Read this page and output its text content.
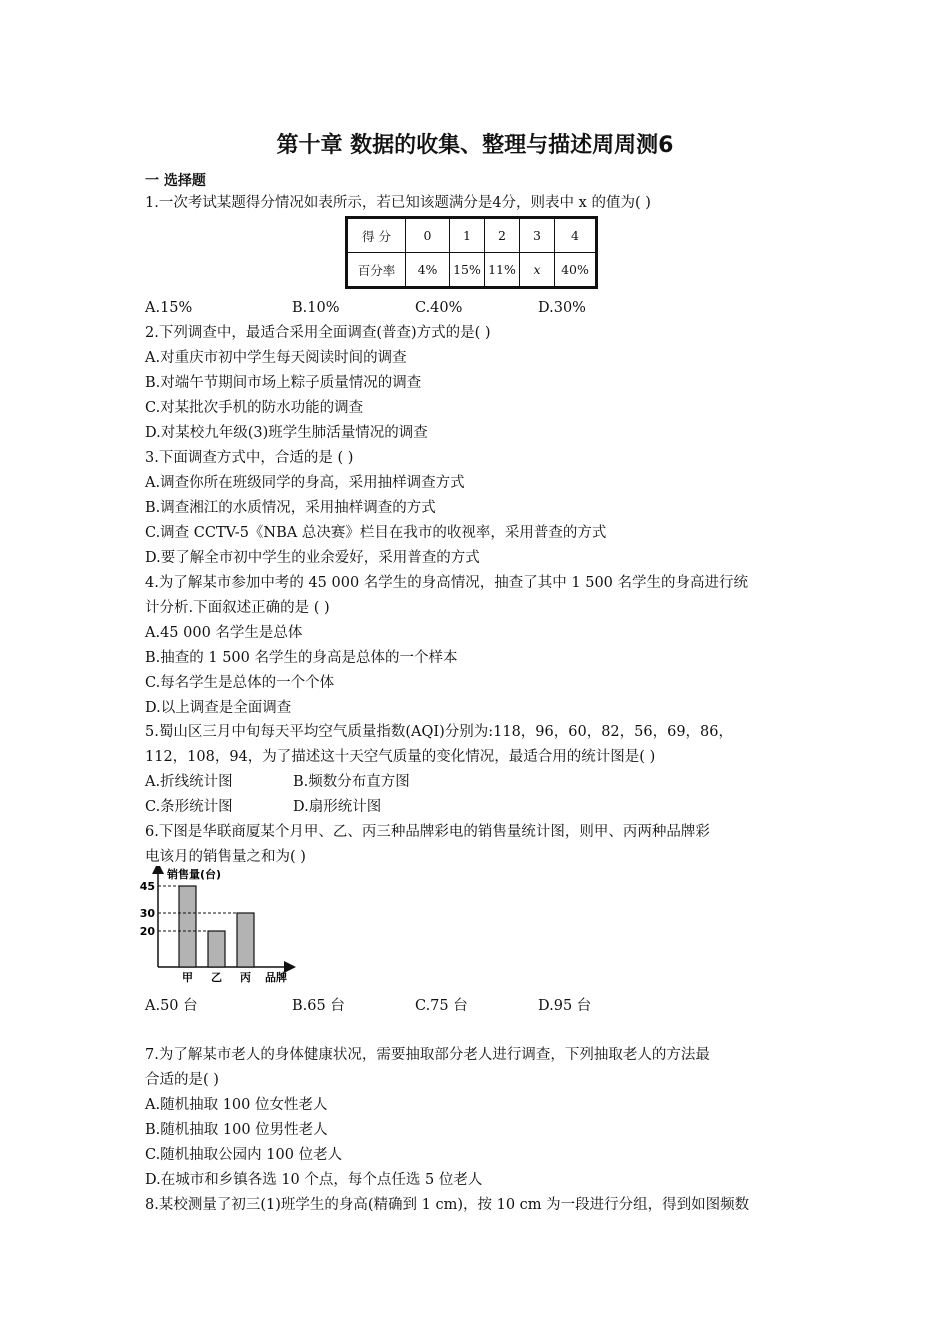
第十章 数据的收集、整理与描述周周测6
一 选择题
1.一次考试某题得分情况如表所示，若已知该题满分是4分，则表中 x 的值为( )
得 分	0	1	2	3	4
百分率	4%	15%	11%	x	40%
A.15%	B.10%	C.40%	D.30%
2.下列调查中，最适合采用全面调查(普查)方式的是( )
A.对重庆市初中学生每天阅读时间的调查
B.对端午节期间市场上粽子质量情况的调查
C.对某批次手机的防水功能的调查
D.对某校九年级(3)班学生肺活量情况的调查
3.下面调查方式中，合适的是 ( )
A.调查你所在班级同学的身高，采用抽样调查方式
B.调查湘江的水质情况，采用抽样调查的方式
C.调查 CCTV-5《NBA 总决赛》栏目在我市的收视率，采用普查的方式
D.要了解全市初中学生的业余爱好，采用普查的方式
4.为了解某市参加中考的 45 000 名学生的身高情况，抽查了其中 1 500 名学生的身高进行统
计分析.下面叙述正确的是 ( )
A.45 000 名学生是总体
B.抽查的 1 500 名学生的身高是总体的一个样本
C.每名学生是总体的一个个体
D.以上调查是全面调查
5.蜀山区三月中旬每天平均空气质量指数(AQI)分别为:118，96，60，82，56，69，86，
112，108，94，为了描述这十天空气质量的变化情况，最适合用的统计图是( )
A.折线统计图	B.频数分布直方图
C.条形统计图	D.扇形统计图
6.下图是华联商厦某个月甲、乙、丙三种品牌彩电的销售量统计图，则甲、丙两种品牌彩
电该月的销售量之和为( )
销售量(台)
品牌
45
甲
20
乙
30
丙
A.50 台	B.65 台	C.75 台	D.95 台
7.为了解某市老人的身体健康状况，需要抽取部分老人进行调查，下列抽取老人的方法最
合适的是( )
A.随机抽取 100 位女性老人
B.随机抽取 100 位男性老人
C.随机抽取公园内 100 位老人
D.在城市和乡镇各选 10 个点，每个点任选 5 位老人
8.某校测量了初三(1)班学生的身高(精确到 1 cm)，按 10 cm 为一段进行分组，得到如图频数
